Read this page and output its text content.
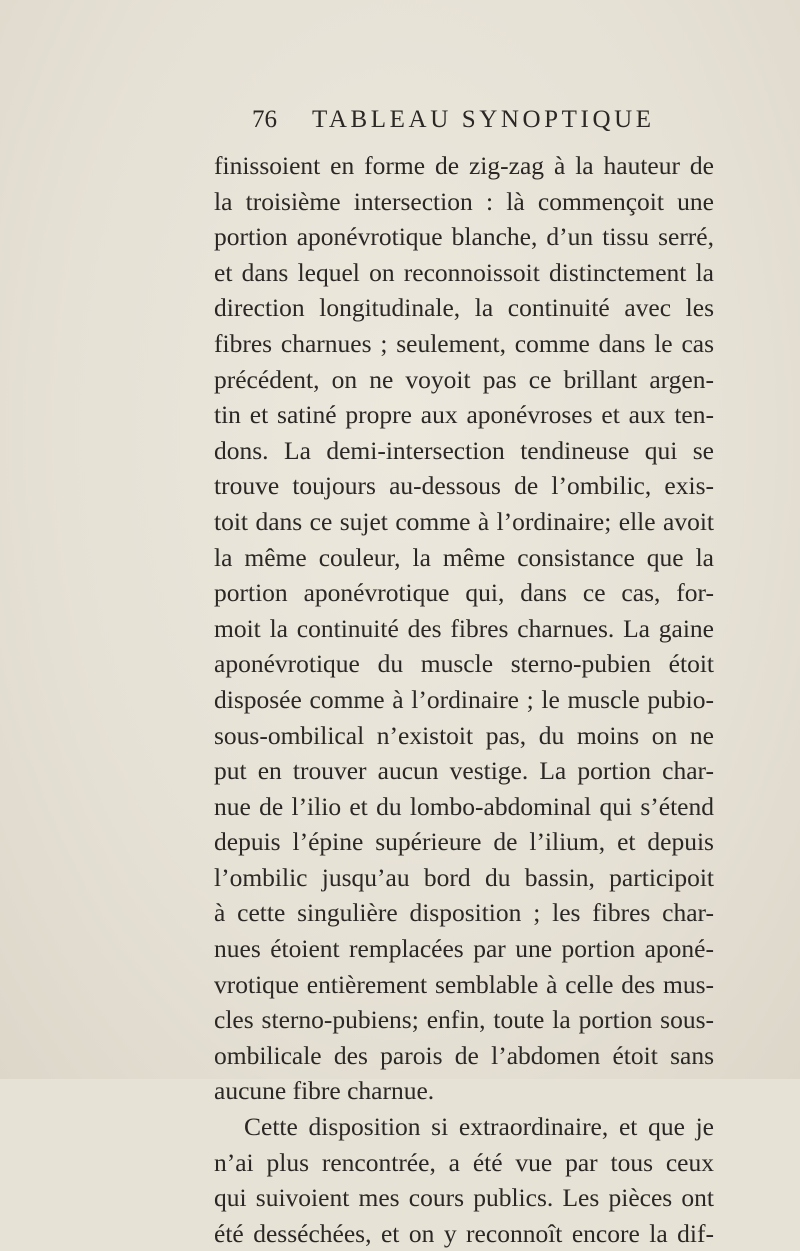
76 TABLEAU SYNOPTIQUE
finissoient en forme de zig-zag à la hauteur de
la troisième intersection : là commençoit une
portion aponévrotique blanche, d’un tissu serré,
et dans lequel on reconnoissoit distinctement la
direction longitudinale, la continuité avec les
fibres charnues ; seulement, comme dans le cas
précédent, on ne voyoit pas ce brillant argen-
tin et satiné propre aux aponévroses et aux ten-
dons. La demi-intersection tendineuse qui se
trouve toujours au-dessous de l’ombilic, exis-
toit dans ce sujet comme à l’ordinaire; elle avoit
la même couleur, la même consistance que la
portion aponévrotique qui, dans ce cas, for-
moit la continuité des fibres charnues. La gaine
aponévrotique du muscle sterno-pubien étoit
disposée comme à l’ordinaire ; le muscle pubio-
sous-ombilical n’existoit pas, du moins on ne
put en trouver aucun vestige. La portion char-
nue de l’ilio et du lombo-abdominal qui s’étend
depuis l’épine supérieure de l’ilium, et depuis
l’ombilic jusqu’au bord du bassin, participoit
à cette singulière disposition ; les fibres char-
nues étoient remplacées par une portion aponé-
vrotique entièrement semblable à celle des mus-
cles sterno-pubiens; enfin, toute la portion sous-
ombilicale des parois de l’abdomen étoit sans
aucune fibre charnue.
Cette disposition si extraordinaire, et que je
n’ai plus rencontrée, a été vue par tous ceux
qui suivoient mes cours publics. Les pièces ont
été desséchées, et on y reconnoît encore la dif-
